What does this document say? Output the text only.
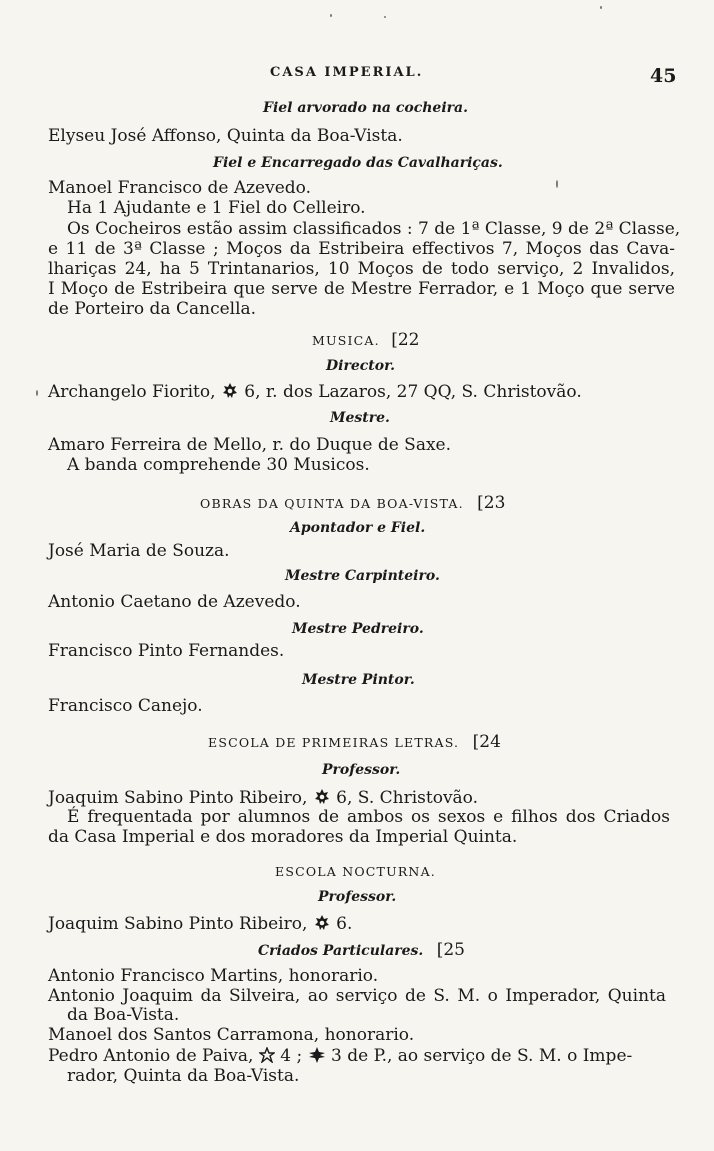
CASA IMPERIAL.	45
Fiel arvorado na cocheira.
Elyseu José Affonso, Quinta da Boa-Vista.
Fiel e Encarregado das Cavalhariças.
Manoel Francisco de Azevedo.
Ha 1 Ajudante e 1 Fiel do Celleiro.
Os Cocheiros estão assim classificados : 7 de 1ª Classe, 9 de 2ª Classe,
e 11 de 3ª Classe ; Moços da Estribeira effectivos 7, Moços das Cava-
lhariças 24, ha 5 Trintanarios, 10 Moços de todo serviço, 2 Invalidos,
I Moço de Estribeira que serve de Mestre Ferrador, e 1 Moço que serve
de Porteiro da Cancella.
MUSICA. [22
Director.
Archangelo Fiorito, 6, r. dos Lazaros, 27 QQ, S. Christovão.
Mestre.
Amaro Ferreira de Mello, r. do Duque de Saxe.
A banda comprehende 30 Musicos.
OBRAS DA QUINTA DA BOA-VISTA. [23
Apontador e Fiel.
José Maria de Souza.
Mestre Carpinteiro.
Antonio Caetano de Azevedo.
Mestre Pedreiro.
Francisco Pinto Fernandes.
Mestre Pintor.
Francisco Canejo.
ESCOLA DE PRIMEIRAS LETRAS. [24
Professor.
Joaquim Sabino Pinto Ribeiro, 6, S. Christovão.
É frequentada por alumnos de ambos os sexos e filhos dos Criados
da Casa Imperial e dos moradores da Imperial Quinta.
ESCOLA NOCTURNA.
Professor.
Joaquim Sabino Pinto Ribeiro, 6.
Criados Particulares. [25
Antonio Francisco Martins, honorario.
Antonio Joaquim da Silveira, ao serviço de S. M. o Imperador, Quinta
da Boa-Vista.
Manoel dos Santos Carramona, honorario.
Pedro Antonio de Paiva, 4 ; 3 de P., ao serviço de S. M. o Impe-
rador, Quinta da Boa-Vista.
